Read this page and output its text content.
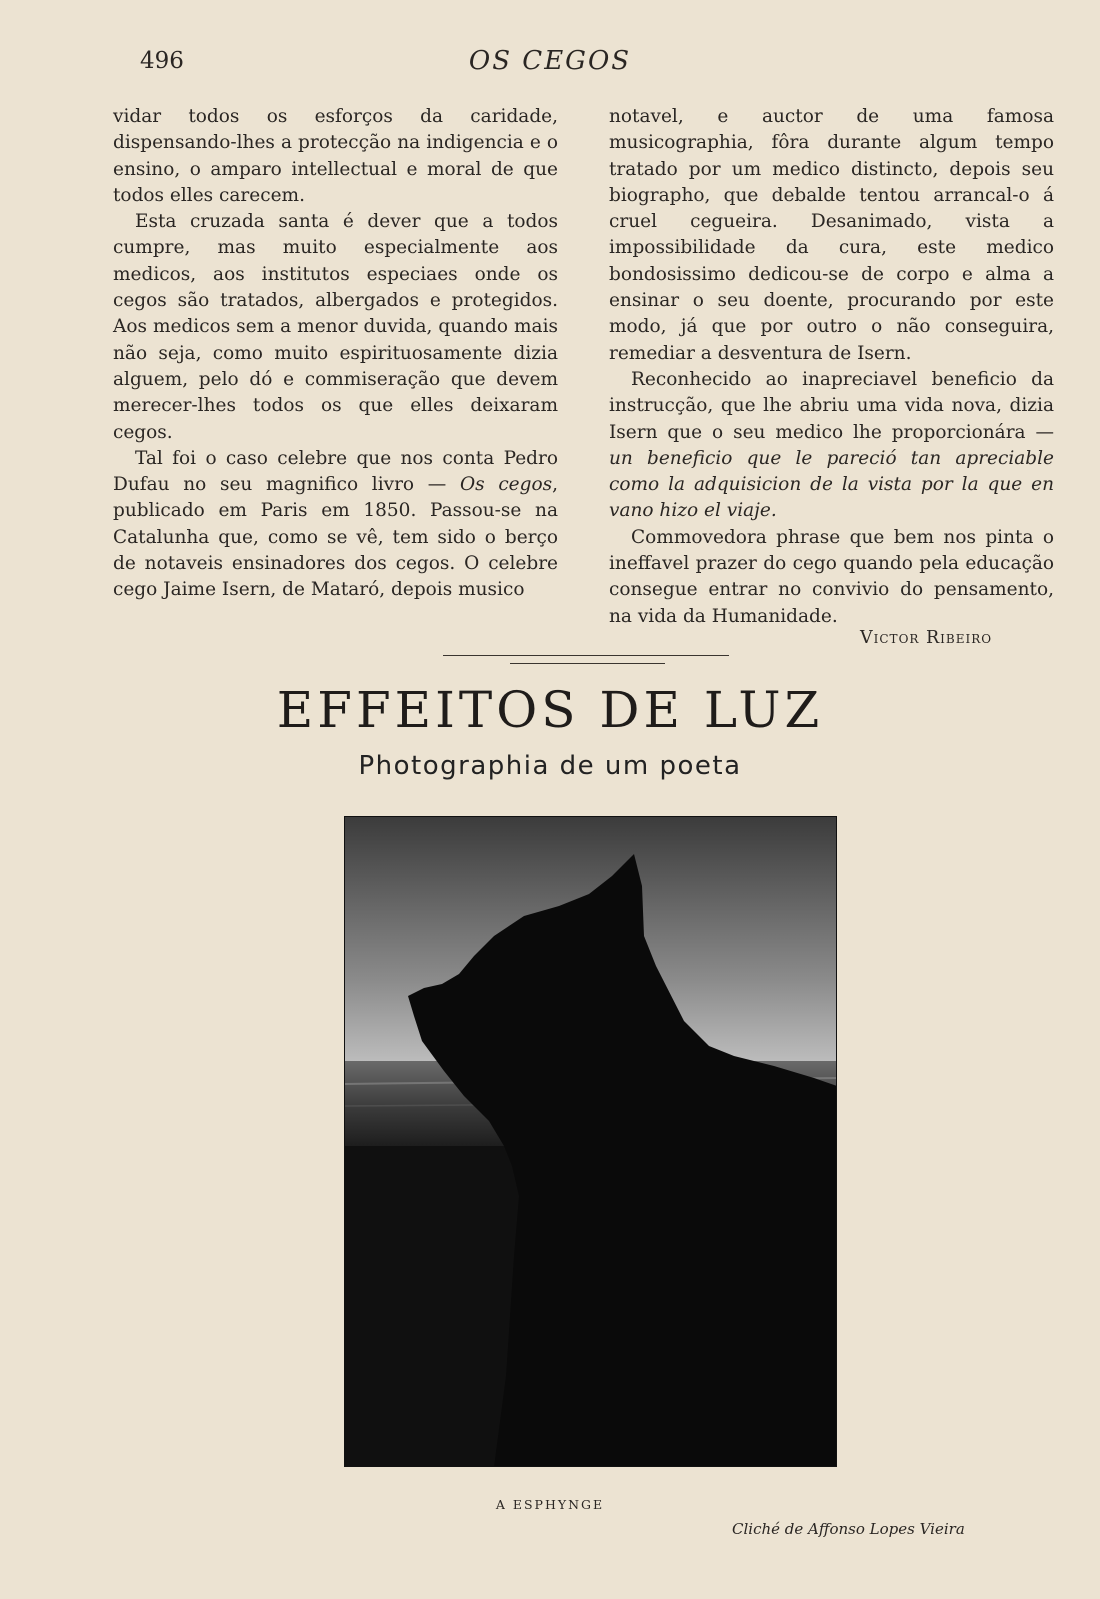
496	OS CEGOS

vidar todos os esforços da caridade, dispensando-lhes a protecção na indigencia e o ensino, o amparo intellectual e moral de que todos elles carecem.

Esta cruzada santa é dever que a todos cumpre, mas muito especialmente aos medicos, aos institutos especiaes onde os cegos são tratados, albergados e protegidos. Aos medicos sem a menor duvida, quando mais não seja, como muito espirituosamente dizia alguem, pelo dó e commiseração que devem merecer-lhes todos os que elles deixaram cegos.

Tal foi o caso celebre que nos conta Pedro Dufau no seu magnifico livro — Os cegos, publicado em Paris em 1850. Passou-se na Catalunha que, como se vê, tem sido o berço de notaveis ensinadores dos cegos. O celebre cego Jaime Isern, de Mataró, depois musico

notavel, e auctor de uma famosa musicographia, fôra durante algum tempo tratado por um medico distincto, depois seu biographo, que debalde tentou arrancal-o á cruel cegueira. Desanimado, vista a impossibilidade da cura, este medico bondosissimo dedicou-se de corpo e alma a ensinar o seu doente, procurando por este modo, já que por outro o não conseguira, remediar a desventura de Isern.

Reconhecido ao inapreciavel beneficio da instrucção, que lhe abriu uma vida nova, dizia Isern que o seu medico lhe proporcionára — un beneficio que le pareció tan apreciable como la adquisicion de la vista por la que en vano hizo el viaje.

Commovedora phrase que bem nos pinta o ineffavel prazer do cego quando pela educação consegue entrar no convivio do pensamento, na vida da Humanidade.

Victor Ribeiro
EFFEITOS DE LUZ
Photographia de um poeta
A ESPHYNGE
Cliché de Affonso Lopes Vieira
